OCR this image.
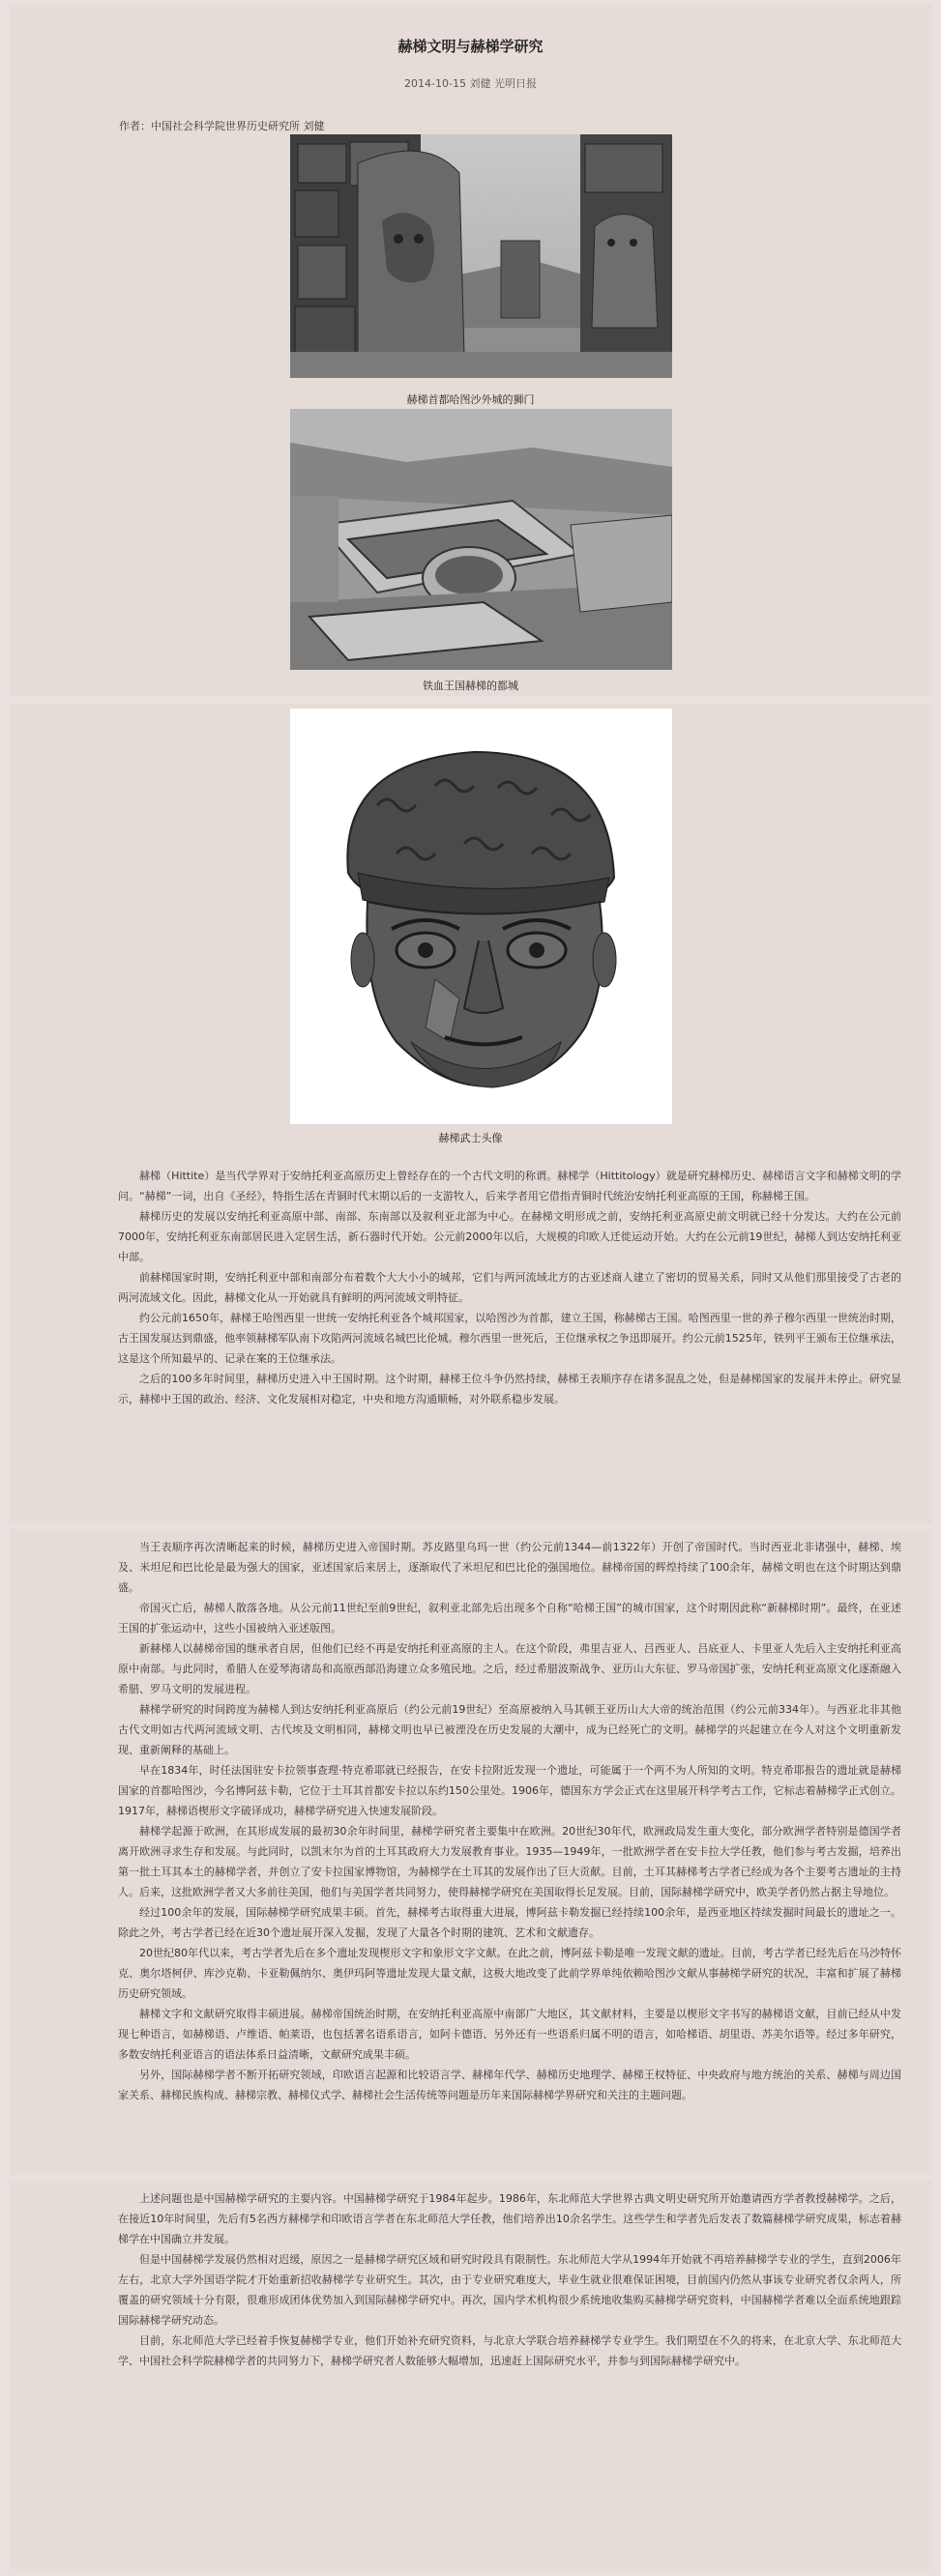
赫梯文明与赫梯学研究
2014-10-15 刘健 光明日报
作者：中国社会科学院世界历史研究所 刘健
赫梯首都哈图沙外城的狮门
铁血王国赫梯的都城
赫梯武士头像

赫梯（Hittite）是当代学界对于安纳托利亚高原历史上曾经存在的一个古代文明的称谓。赫梯学（Hittitology）就是研究赫梯历史、赫梯语言文字和赫梯文明的学问。“赫梯”一词，出自《圣经》，特指生活在青铜时代末期以后的一支游牧人，后来学者用它借指青铜时代统治安纳托利亚高原的王国，称赫梯王国。

赫梯历史的发展以安纳托利亚高原中部、南部、东南部以及叙利亚北部为中心。在赫梯文明形成之前，安纳托利亚高原史前文明就已经十分发达。大约在公元前7000年，安纳托利亚东南部居民进入定居生活，新石器时代开始。公元前2000年以后，大规模的印欧人迁徙运动开始。大约在公元前19世纪，赫梯人到达安纳托利亚中部。

前赫梯国家时期，安纳托利亚中部和南部分布着数个大大小小的城邦，它们与两河流域北方的古亚述商人建立了密切的贸易关系，同时又从他们那里接受了古老的两河流域文化。因此，赫梯文化从一开始就具有鲜明的两河流域文明特征。

约公元前1650年，赫梯王哈图西里一世统一安纳托利亚各个城邦国家，以哈图沙为首都，建立王国，称赫梯古王国。哈图西里一世的养子穆尔西里一世统治时期，古王国发展达到鼎盛，他率领赫梯军队南下攻陷两河流域名城巴比伦城。穆尔西里一世死后，王位继承权之争迅即展开。约公元前1525年，铁列平王颁布王位继承法，这是这个所知最早的、记录在案的王位继承法。

之后的100多年时间里，赫梯历史进入中王国时期。这个时期，赫梯王位斗争仍然持续，赫梯王表顺序存在诸多混乱之处，但是赫梯国家的发展并未停止。研究显示，赫梯中王国的政治、经济、文化发展相对稳定，中央和地方沟通顺畅，对外联系稳步发展。

当王表顺序再次清晰起来的时候，赫梯历史进入帝国时期。苏皮路里乌玛一世（约公元前1344—前1322年）开创了帝国时代。当时西亚北非诸强中，赫梯、埃及、米坦尼和巴比伦是最为强大的国家，亚述国家后来居上，逐渐取代了米坦尼和巴比伦的强国地位。赫梯帝国的辉煌持续了100余年，赫梯文明也在这个时期达到鼎盛。

帝国灭亡后，赫梯人散落各地。从公元前11世纪至前9世纪，叙利亚北部先后出现多个自称“哈梯王国”的城市国家，这个时期因此称“新赫梯时期”。最终，在亚述王国的扩张运动中，这些小国被纳入亚述版图。

新赫梯人以赫梯帝国的继承者自居，但他们已经不再是安纳托利亚高原的主人。在这个阶段，弗里吉亚人、吕西亚人、吕底亚人、卡里亚人先后入主安纳托利亚高原中南部。与此同时，希腊人在爱琴海诸岛和高原西部沿海建立众多殖民地。之后，经过希腊波斯战争、亚历山大东征、罗马帝国扩张，安纳托利亚高原文化逐渐融入希腊、罗马文明的发展进程。

赫梯学研究的时间跨度为赫梯人到达安纳托利亚高原后（约公元前19世纪）至高原被纳入马其顿王亚历山大大帝的统治范围（约公元前334年）。与西亚北非其他古代文明如古代两河流域文明、古代埃及文明相同，赫梯文明也早已被湮没在历史发展的大潮中，成为已经死亡的文明。赫梯学的兴起建立在今人对这个文明重新发现、重新阐释的基础上。

早在1834年，时任法国驻安卡拉领事查理·特克希耶就已经报告，在安卡拉附近发现一个遗址，可能属于一个两不为人所知的文明。特克希耶报告的遗址就是赫梯国家的首都哈图沙，今名博阿兹卡勒，它位于土耳其首都安卡拉以东约150公里处。1906年，德国东方学会正式在这里展开科学考古工作，它标志着赫梯学正式创立。1917年，赫梯语楔形文字破译成功，赫梯学研究进入快速发展阶段。

赫梯学起源于欧洲，在其形成发展的最初30余年时间里，赫梯学研究者主要集中在欧洲。20世纪30年代，欧洲政局发生重大变化，部分欧洲学者特别是德国学者离开欧洲寻求生存和发展。与此同时，以凯末尔为首的土耳其政府大力发展教育事业。1935—1949年，一批欧洲学者在安卡拉大学任教，他们参与考古发掘，培养出第一批土耳其本土的赫梯学者，并创立了安卡拉国家博物馆，为赫梯学在土耳其的发展作出了巨大贡献。目前，土耳其赫梯考古学者已经成为各个主要考古遗址的主持人。后来，这批欧洲学者又大多前往美国，他们与美国学者共同努力，使得赫梯学研究在美国取得长足发展。目前，国际赫梯学研究中，欧美学者仍然占据主导地位。

经过100余年的发展，国际赫梯学研究成果丰硕。首先，赫梯考古取得重大进展，博阿兹卡勒发掘已经持续100余年，是西亚地区持续发掘时间最长的遗址之一。除此之外，考古学者已经在近30个遗址展开深入发掘，发现了大量各个时期的建筑、艺术和文献遗存。

20世纪80年代以来，考古学者先后在多个遗址发现楔形文字和象形文字文献。在此之前，博阿兹卡勒是唯一发现文献的遗址。目前，考古学者已经先后在马沙特怀克、奥尔塔柯伊、库沙克勒、卡亚勒佩纳尔、奥伊玛阿等遗址发现大量文献，这极大地改变了此前学界单纯依赖哈图沙文献从事赫梯学研究的状况，丰富和扩展了赫梯历史研究领域。

赫梯文字和文献研究取得丰硕进展。赫梯帝国统治时期，在安纳托利亚高原中南部广大地区，其文献材料，主要是以楔形文字书写的赫梯语文献，目前已经从中发现七种语言，如赫梯语、卢维语、帕莱语，也包括著名语系语言，如阿卡德语、另外还有一些语系归属不明的语言，如哈梯语、胡里语、苏美尔语等。经过多年研究，多数安纳托利亚语言的语法体系日益清晰，文献研究成果丰硕。

另外，国际赫梯学者不断开拓研究领域，印欧语言起源和比较语言学、赫梯年代学、赫梯历史地理学、赫梯王权特征、中央政府与地方统治的关系、赫梯与周边国家关系、赫梯民族构成、赫梯宗教、赫梯仪式学、赫梯社会生活传统等问题是历年来国际赫梯学界研究和关注的主题问题。

上述问题也是中国赫梯学研究的主要内容。中国赫梯学研究于1984年起步。1986年，东北师范大学世界古典文明史研究所开始邀请西方学者教授赫梯学。之后，在接近10年时间里，先后有5名西方赫梯学和印欧语言学者在东北师范大学任教，他们培养出10余名学生。这些学生和学者先后发表了数篇赫梯学研究成果，标志着赫梯学在中国确立并发展。

但是中国赫梯学发展仍然相对迟缓，原因之一是赫梯学研究区域和研究时段具有限制性。东北师范大学从1994年开始就不再培养赫梯学专业的学生，直到2006年左右，北京大学外国语学院才开始重新招收赫梯学专业研究生。其次，由于专业研究难度大，毕业生就业很难保证困境，目前国内仍然从事该专业研究者仅余两人，所覆盖的研究领域十分有限，很难形成团体优势加入到国际赫梯学研究中。再次，国内学术机构很少系统地收集购买赫梯学研究资料，中国赫梯学者难以全面系统地跟踪国际赫梯学研究动态。

目前，东北师范大学已经着手恢复赫梯学专业，他们开始补充研究资料，与北京大学联合培养赫梯学专业学生。我们期望在不久的将来，在北京大学、东北师范大学、中国社会科学院赫梯学者的共同努力下，赫梯学研究者人数能够大幅增加，迅速赶上国际研究水平，并参与到国际赫梯学研究中。
